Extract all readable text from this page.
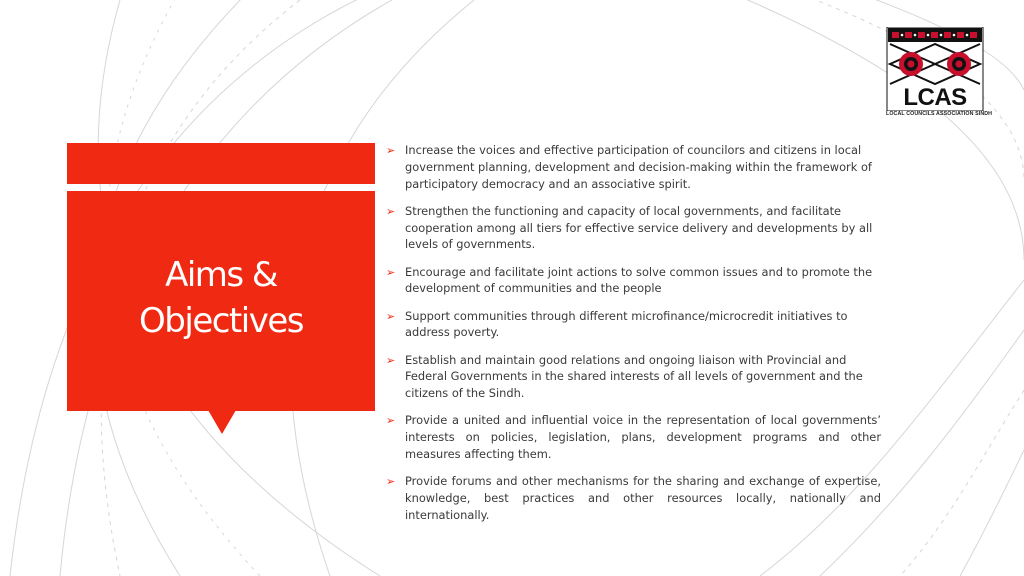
Aims &
Objectives
LCAS
LOCAL COUNCILS ASSOCIATION SINDH
➢ Increase the voices and effective participation of councilors and citizens in local government planning, development and decision-making within the framework of participatory democracy and an associative spirit.
➢ Strengthen the functioning and capacity of local governments, and facilitate cooperation among all tiers for effective service delivery and developments by all levels of governments.
➢ Encourage and facilitate joint actions to solve common issues and to promote the development of communities and the people
➢ Support communities through different microfinance/microcredit initiatives to address poverty.
➢ Establish and maintain good relations and ongoing liaison with Provincial and Federal Governments in the shared interests of all levels of government and the citizens of the Sindh.
➢ Provide a united and influential voice in the representation of local governments’ interests on policies, legislation, plans, development programs and other measures affecting them.
➢ Provide forums and other mechanisms for the sharing and exchange of expertise, knowledge, best practices and other resources locally, nationally and internationally.
